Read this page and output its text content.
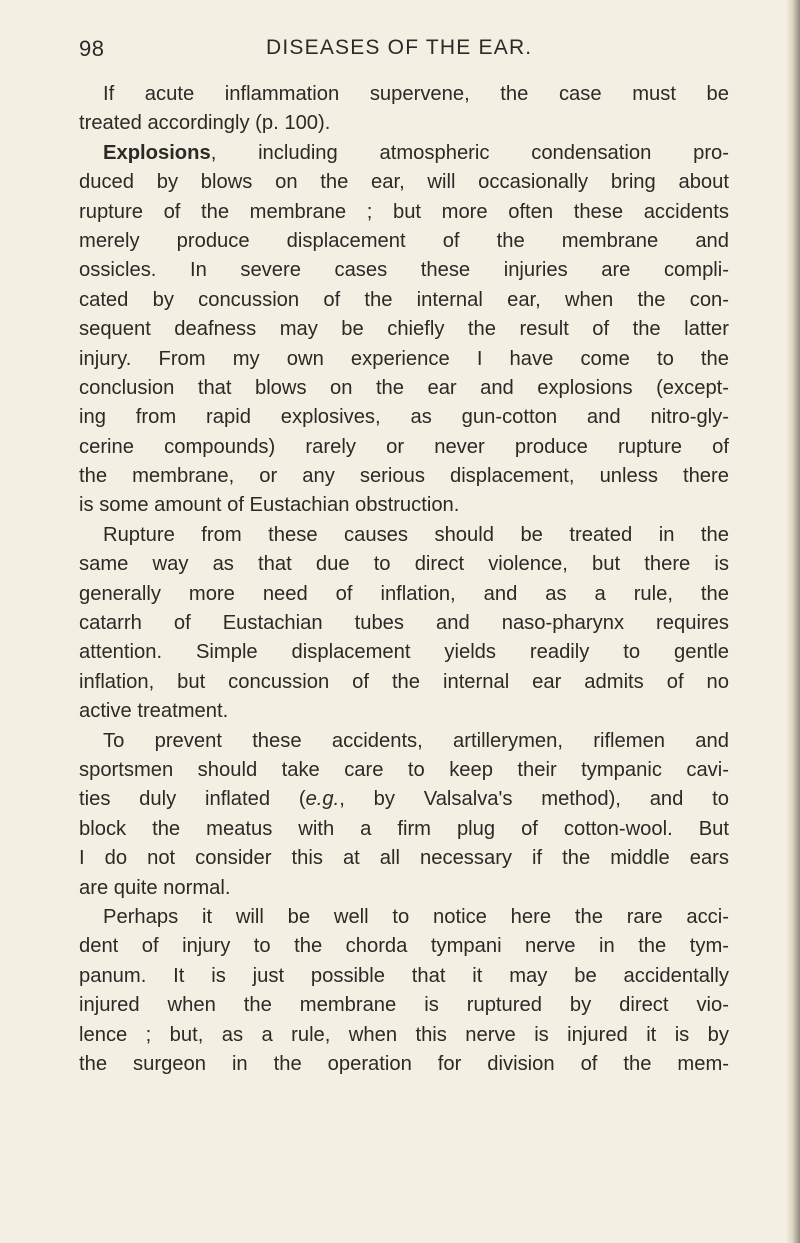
98	DISEASES OF THE EAR.
If acute inflammation supervene, the case must be
treated accordingly (p. 100).
Explosions, including atmospheric condensation pro-
duced by blows on the ear, will occasionally bring about
rupture of the membrane ; but more often these accidents
merely produce displacement of the membrane and
ossicles. In severe cases these injuries are compli-
cated by concussion of the internal ear, when the con-
sequent deafness may be chiefly the result of the latter
injury. From my own experience I have come to the
conclusion that blows on the ear and explosions (except-
ing from rapid explosives, as gun-cotton and nitro-gly-
cerine compounds) rarely or never produce rupture of
the membrane, or any serious displacement, unless there
is some amount of Eustachian obstruction.
Rupture from these causes should be treated in the
same way as that due to direct violence, but there is
generally more need of inflation, and as a rule, the
catarrh of Eustachian tubes and naso-pharynx requires
attention. Simple displacement yields readily to gentle
inflation, but concussion of the internal ear admits of no
active treatment.
To prevent these accidents, artillerymen, riflemen and
sportsmen should take care to keep their tympanic cavi-
ties duly inflated (e.g., by Valsalva's method), and to
block the meatus with a firm plug of cotton-wool. But
I do not consider this at all necessary if the middle ears
are quite normal.
Perhaps it will be well to notice here the rare acci-
dent of injury to the chorda tympani nerve in the tym-
panum. It is just possible that it may be accidentally
injured when the membrane is ruptured by direct vio-
lence ; but, as a rule, when this nerve is injured it is by
the surgeon in the operation for division of the mem-
